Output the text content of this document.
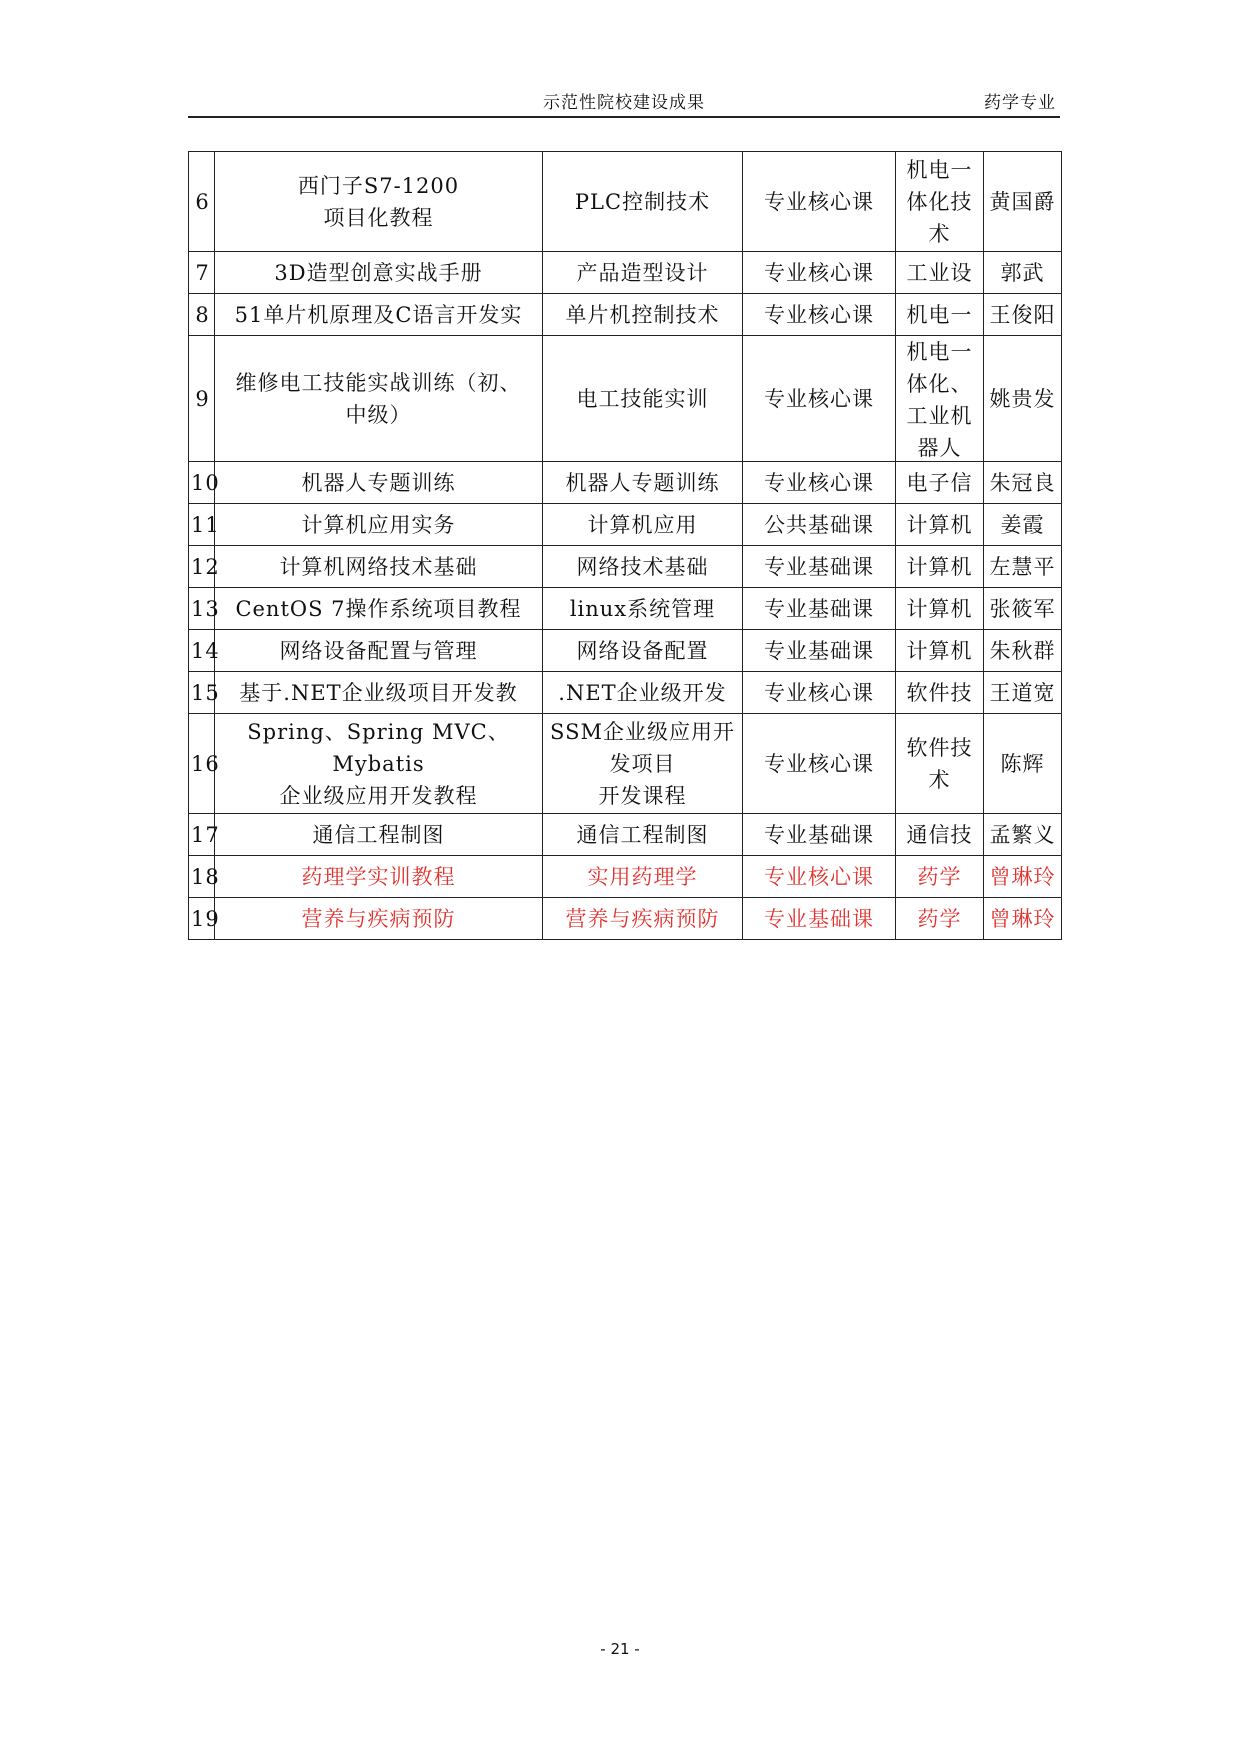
示范性院校建设成果	药学专业
6	西门子S7-1200
项目化教程	PLC控制技术	专业核心课	机电一
体化技
术	黄国爵

7	3D造型创意实战手册	产品造型设计	专业核心课	工业设	郭武

8	51单片机原理及C语言开发实	单片机控制技术	专业核心课	机电一	王俊阳

9	维修电工技能实战训练（初、
中级）	电工技能实训	专业核心课	机电一
体化、
工业机
器人	姚贵发

10	机器人专题训练	机器人专题训练	专业核心课	电子信	朱冠良

11	计算机应用实务	计算机应用	公共基础课	计算机	姜霞

12	计算机网络技术基础	网络技术基础	专业基础课	计算机	左慧平

13	CentOS 7操作系统项目教程	linux系统管理	专业基础课	计算机	张筱军

14	网络设备配置与管理	网络设备配置	专业基础课	计算机	朱秋群

15	基于.NET企业级项目开发教	.NET企业级开发	专业核心课	软件技	王道宽

16	Spring、Spring MVC、Mybatis
企业级应用开发教程	SSM企业级应用开
发项目
开发课程	专业核心课	软件技
术	陈辉

17	通信工程制图	通信工程制图	专业基础课	通信技	孟繁义

18	药理学实训教程	实用药理学	专业核心课	药学	曾琳玲

19	营养与疾病预防	营养与疾病预防	专业基础课	药学	曾琳玲
- 21 -
